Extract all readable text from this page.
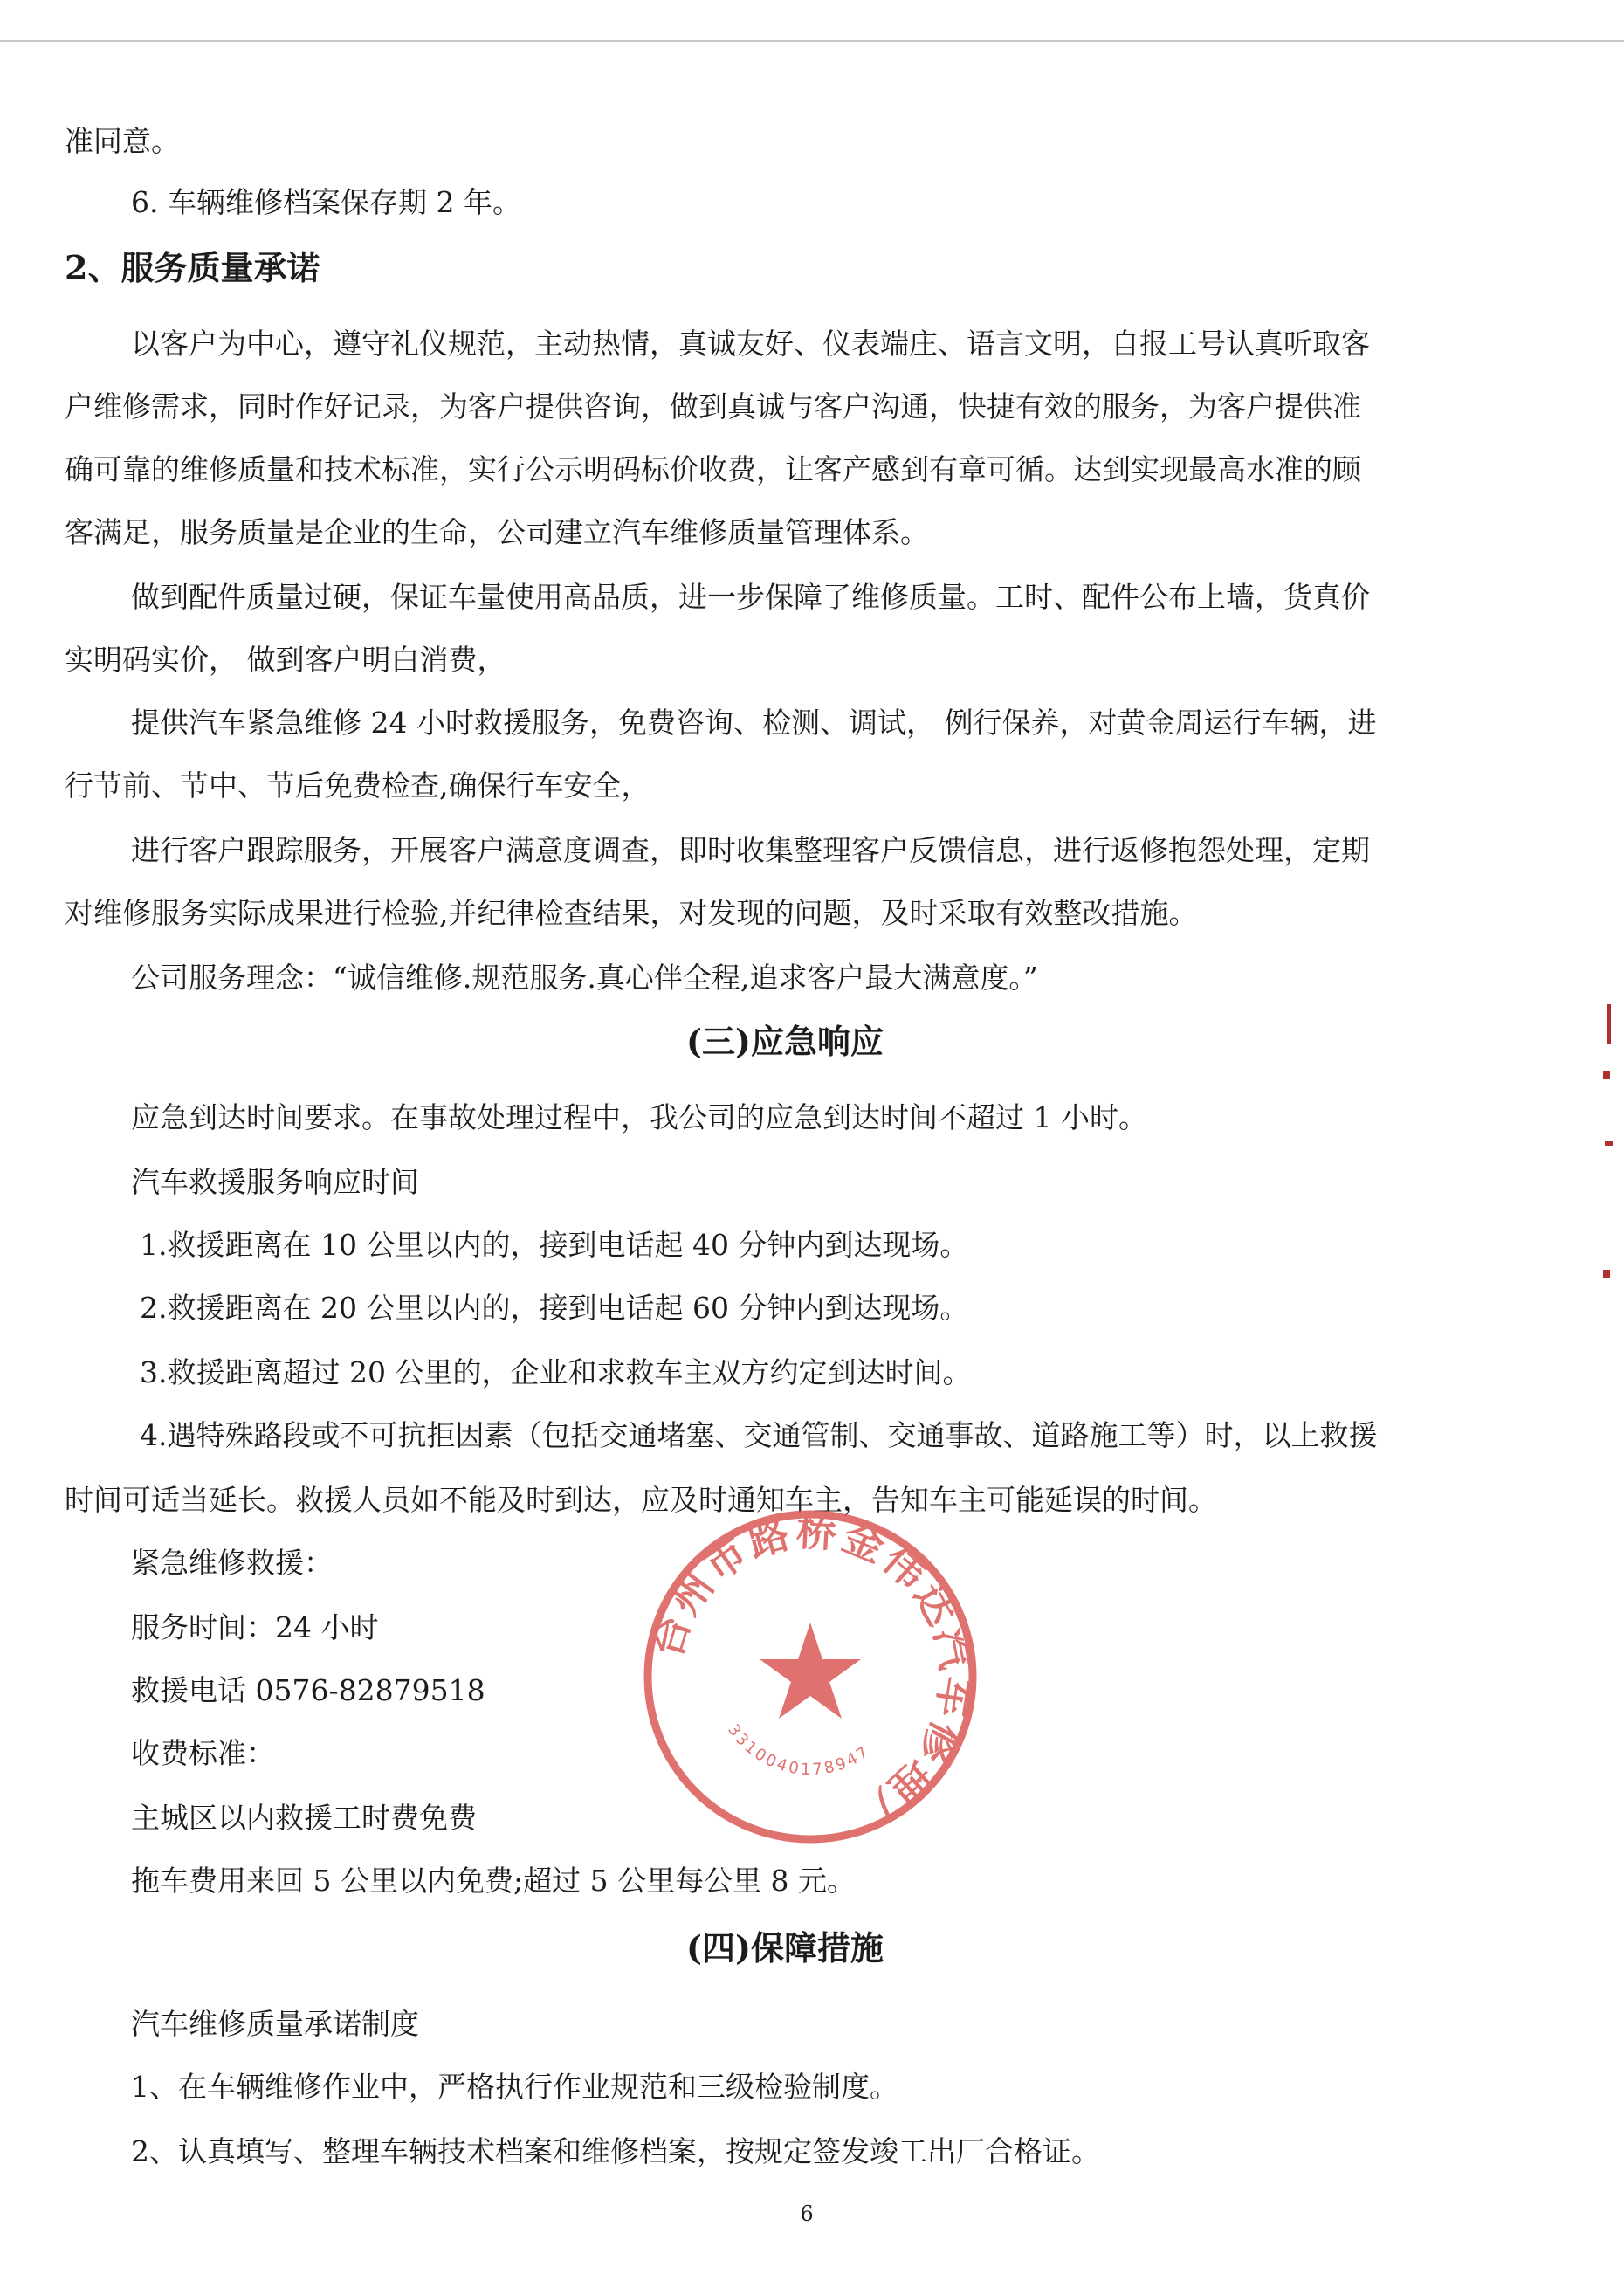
准同意。
6. 车辆维修档案保存期 2 年。
2、服务质量承诺
以客户为中心，遵守礼仪规范，主动热情，真诚友好、仪表端庄、语言文明，自报工号认真听取客
户维修需求，同时作好记录，为客户提供咨询，做到真诚与客户沟通，快捷有效的服务，为客户提供准
确可靠的维修质量和技术标准，实行公示明码标价收费，让客产感到有章可循。达到实现最高水准的顾
客满足，服务质量是企业的生命，公司建立汽车维修质量管理体系。
做到配件质量过硬，保证车量使用高品质，进一步保障了维修质量。工时、配件公布上墙，货真价
实明码实价， 做到客户明白消费，
提供汽车紧急维修 24 小时救援服务，免费咨询、检测、调试， 例行保养，对黄金周运行车辆，进
行节前、节中、节后免费检查,确保行车安全，
进行客户跟踪服务，开展客户满意度调查，即时收集整理客户反馈信息，进行返修抱怨处理，定期
对维修服务实际成果进行检验,并纪律检查结果，对发现的问题，及时采取有效整改措施。
公司服务理念：“诚信维修.规范服务.真心伴全程,追求客户最大满意度。”
(三)应急响应
应急到达时间要求。在事故处理过程中，我公司的应急到达时间不超过 1 小时。
汽车救援服务响应时间
1.救援距离在 10 公里以内的，接到电话起 40 分钟内到达现场。
2.救援距离在 20 公里以内的，接到电话起 60 分钟内到达现场。
3.救援距离超过 20 公里的，企业和求救车主双方约定到达时间。
4.遇特殊路段或不可抗拒因素（包括交通堵塞、交通管制、交通事故、道路施工等）时，以上救援
时间可适当延长。救援人员如不能及时到达，应及时通知车主，告知车主可能延误的时间。
紧急维修救援：
服务时间：24 小时
救援电话 0576-82879518
收费标准：
主城区以内救援工时费免费
拖车费用来回 5 公里以内免费;超过 5 公里每公里 8 元。
(四)保障措施
汽车维修质量承诺制度
1、在车辆维修作业中，严格执行作业规范和三级检验制度。
2、认真填写、整理车辆技术档案和维修档案，按规定签发竣工出厂合格证。
6
台州市路桥金伟达汽车修理厂
3310040178947
